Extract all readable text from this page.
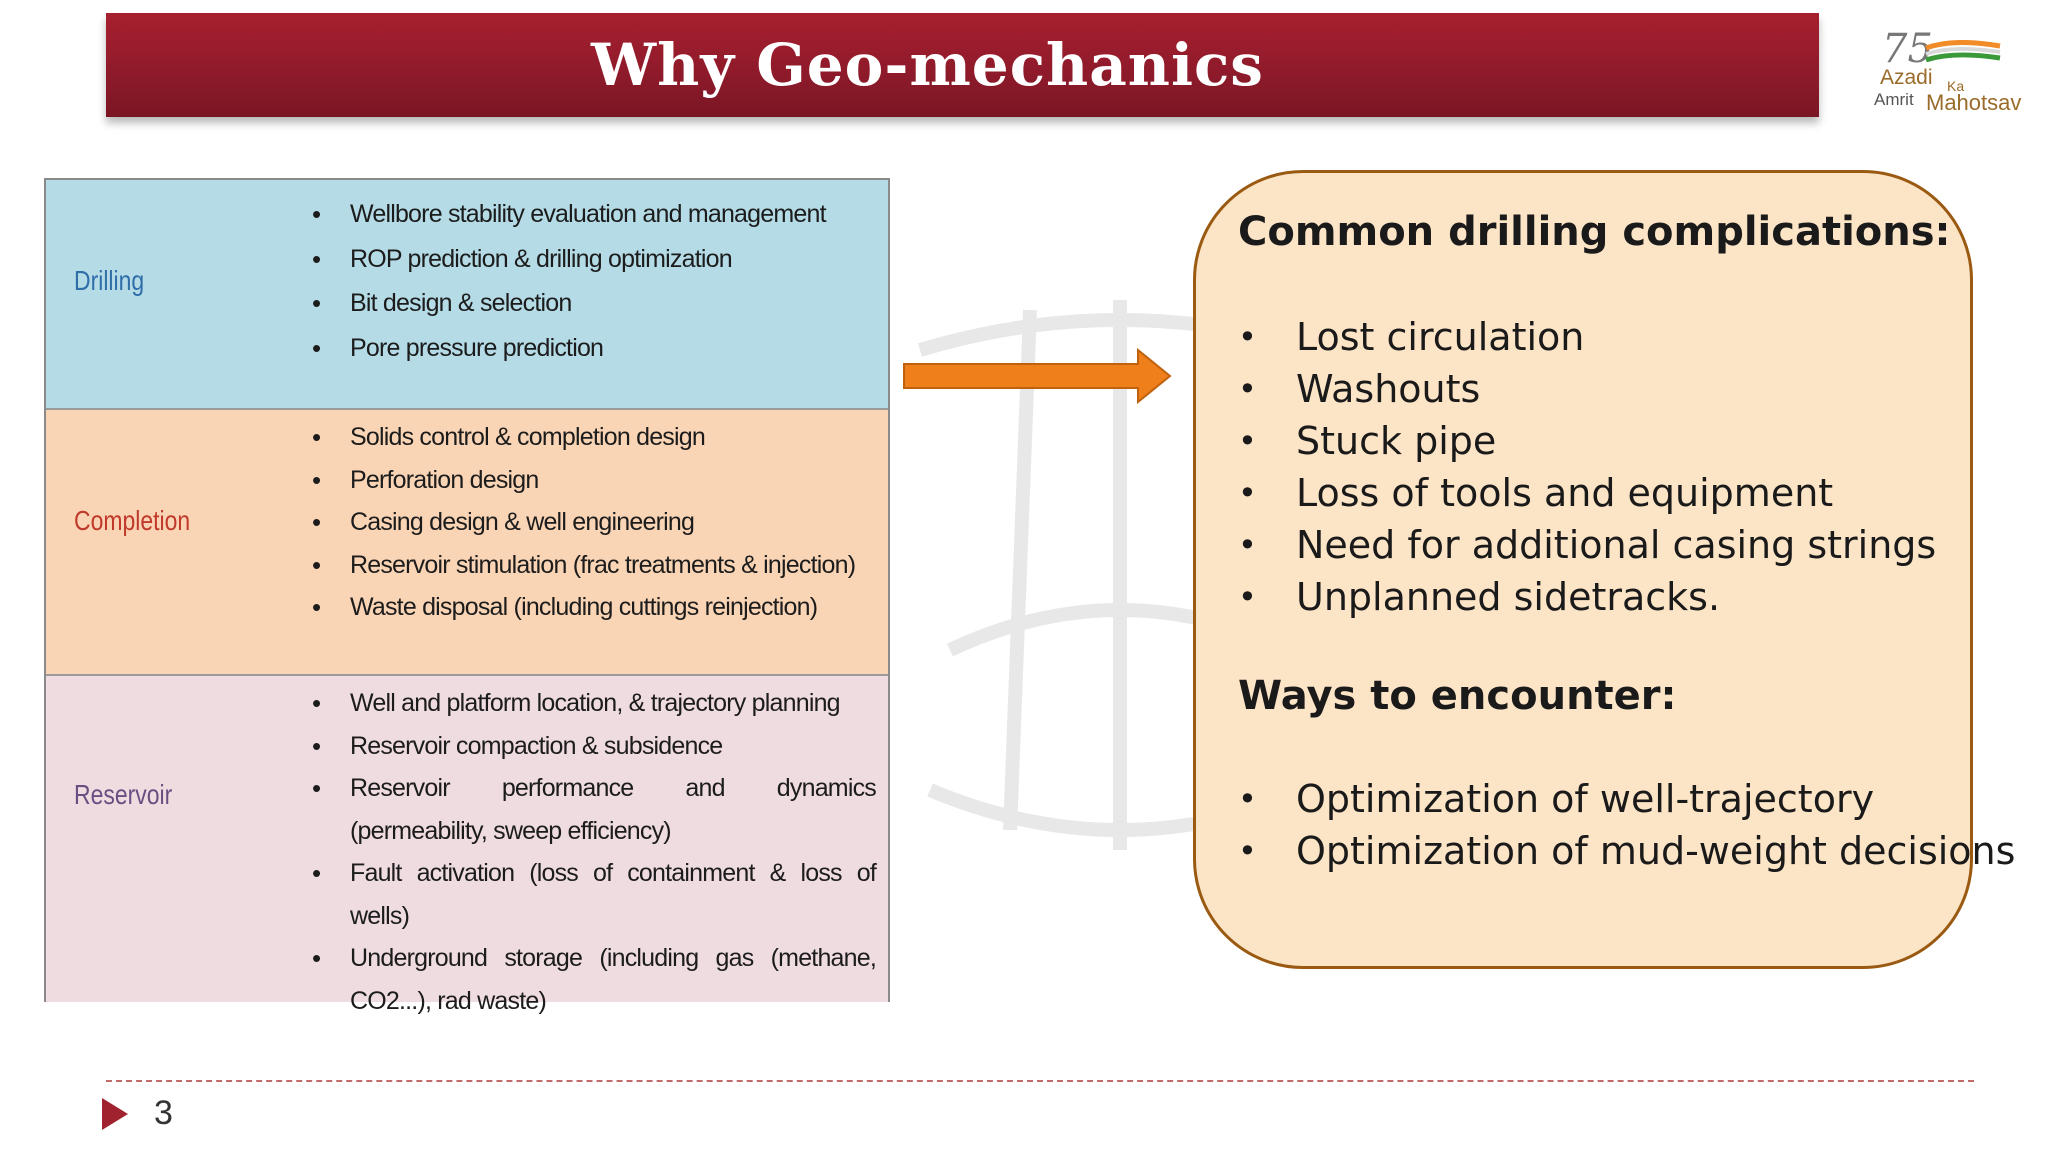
Why Geo-mechanics	75
Azadi Ka
Amrit Mahotsav
Drilling
• Wellbore stability evaluation and management
• ROP prediction & drilling optimization
• Bit design & selection
• Pore pressure prediction
Completion
• Solids control & completion design
• Perforation design
• Casing design & well engineering
• Reservoir stimulation (frac treatments & injection)
• Waste disposal (including cuttings reinjection)
Reservoir
• Well and platform location, & trajectory planning
• Reservoir compaction & subsidence
• Reservoir performance and dynamics (permeability, sweep efficiency)
• Fault activation (loss of containment & loss of wells)
• Underground storage (including gas (methane, CO2...), rad waste)
Common drilling complications:
• Lost circulation
• Washouts
• Stuck pipe
• Loss of tools and equipment
• Need for additional casing strings
• Unplanned sidetracks.
Ways to encounter:
• Optimization of well-trajectory
• Optimization of mud-weight decisions
3
